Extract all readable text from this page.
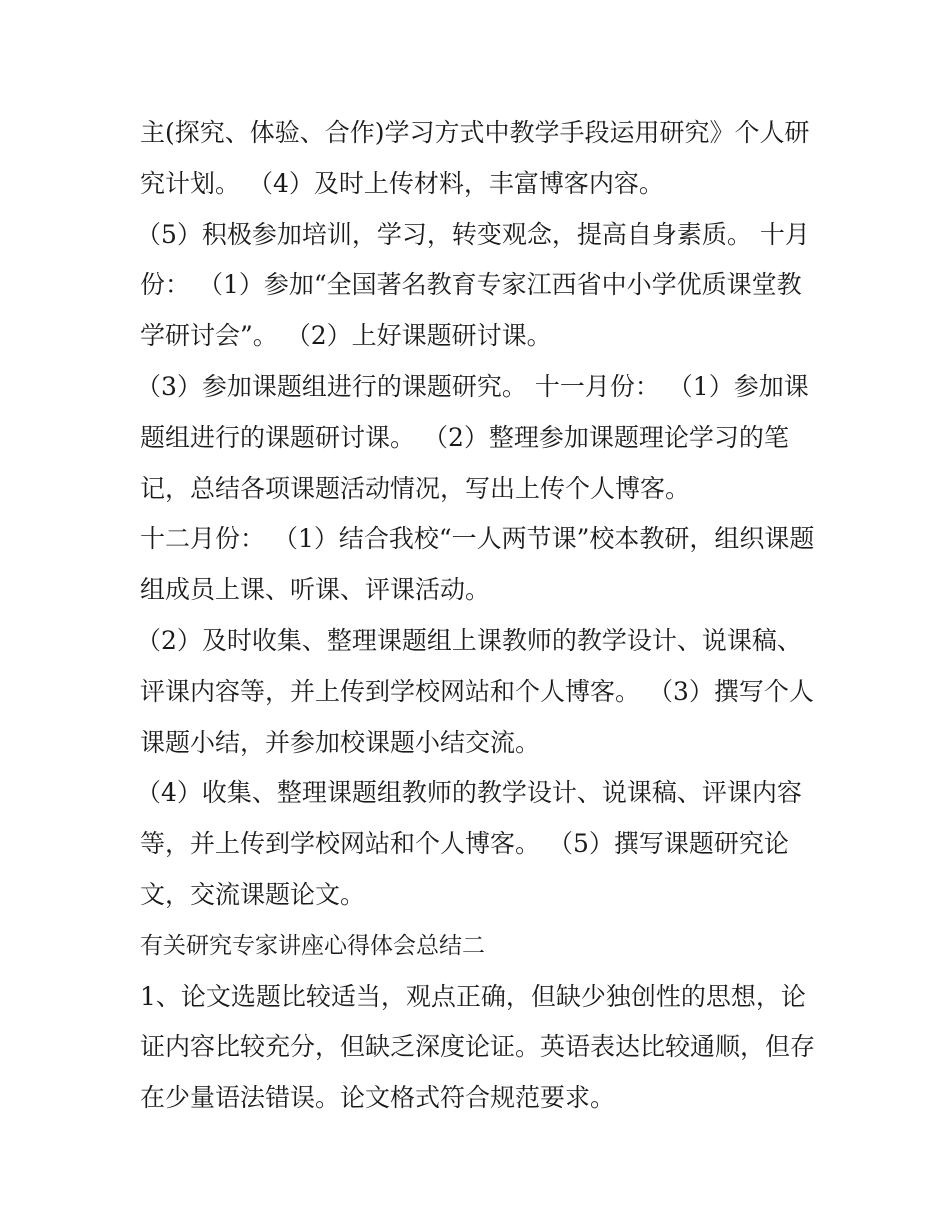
主(探究、体验、合作)学习方式中教学手段运用研究》个人研
究计划。 （4）及时上传材料，丰富博客内容。
（5）积极参加培训，学习，转变观念，提高自身素质。 十月
份： （1）参加“全国著名教育专家江西省中小学优质课堂教
学研讨会”。 （2）上好课题研讨课。
（3）参加课题组进行的课题研究。 十一月份： （1）参加课
题组进行的课题研讨课。 （2）整理参加课题理论学习的笔
记，总结各项课题活动情况，写出上传个人博客。
十二月份： （1）结合我校“一人两节课”校本教研，组织课题
组成员上课、听课、评课活动。
（2）及时收集、整理课题组上课教师的教学设计、说课稿、
评课内容等，并上传到学校网站和个人博客。 （3）撰写个人
课题小结，并参加校课题小结交流。
（4）收集、整理课题组教师的教学设计、说课稿、评课内容
等，并上传到学校网站和个人博客。 （5）撰写课题研究论
文，交流课题论文。
有关研究专家讲座心得体会总结二
1、论文选题比较适当，观点正确，但缺少独创性的思想，论
证内容比较充分，但缺乏深度论证。英语表达比较通顺，但存
在少量语法错误。论文格式符合规范要求。
